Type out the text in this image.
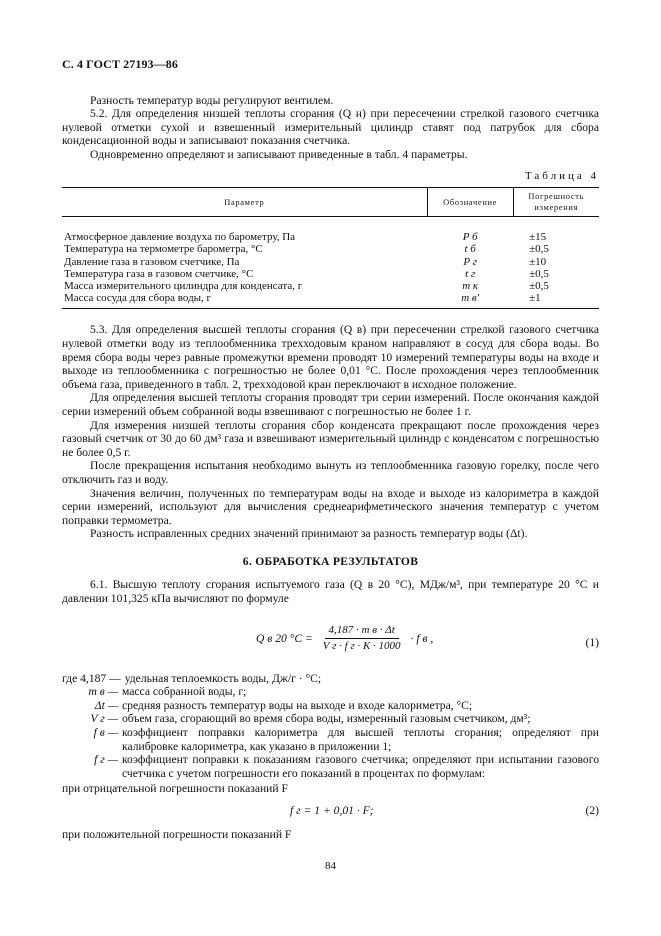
С. 4 ГОСТ 27193—86

Разность температур воды регулируют вентилем.

5.2. Для определения низшей теплоты сгорания (Q н) при пересечении стрелкой газового счетчика нулевой отметки сухой и взвешенный измерительный цилиндр ставят под патрубок для сбора конденсационной воды и записывают показания счетчика.

Одновременно определяют и записывают приведенные в табл. 4 параметры.

Таблица 4
Параметр	Обозначение	Погрешность измерения
Атмосферное давление воздуха по барометру, Па	P б	±15
Температура на термометре барометра, °С	t б	±0,5
Давление газа в газовом счетчике, Па	P г	±10
Температура газа в газовом счетчике, °С	t г	±0,5
Масса измерительного цилиндра для конденсата, г	m к	±0,5
Масса сосуда для сбора воды, г	m в'	±1

5.3. Для определения высшей теплоты сгорания (Q в) при пересечении стрелкой газового счетчика нулевой отметки воду из теплообменника трехходовым краном направляют в сосуд для сбора воды. Во время сбора воды через равные промежутки времени проводят 10 измерений температуры воды на входе и выходе из теплообменника с погрешностью не более 0,01 °С. После прохождения через теплообменник объема газа, приведенного в табл. 2, трехходовой кран переключают в исходное положение.

Для определения высшей теплоты сгорания проводят три серии измерений. После окончания каждой серии измерений объем собранной воды взвешивают с погрешностью не более 1 г.

Для измерения низшей теплоты сгорания сбор конденсата прекращают после прохождения через газовый счетчик от 30 до 60 дм³ газа и взвешивают измерительный цилиндр с конденсатом с погрешностью не более 0,5 г.

После прекращения испытания необходимо вынуть из теплообменника газовую горелку, после чего отключить газ и воду.

Значения величин, полученных по температурам воды на входе и выходе из калориметра в каждой серии измерений, используют для вычисления среднеарифметического значения температур с учетом поправки термометра.

Разность исправленных средних значений принимают за разность температур воды (Δt).

6. ОБРАБОТКА РЕЗУЛЬТАТОВ

6.1. Высшую теплоту сгорания испытуемого газа (Q в 20 °С), МДж/м³, при температуре 20 °С и давлении 101,325 кПа вычисляют по формуле

Q в 20 $^\circ С = \frac{\text{4,187 · m в · Δt}}{\text{V г · f г · K · 1000}} \cdot f$ в ,	(1)
где 4,187 — удельная теплоемкость воды, Дж/г · °С;
m в — масса собранной воды, г;
Δt — средняя разность температур воды на выходе и входе калориметра, °С;
V г — объем газа, сгорающий во время сбора воды, измеренный газовым счетчиком, дм³;
f в — коэффициент поправки калориметра для высшей теплоты сгорания; определяют при калибровке калориметра, как указано в приложении 1;
f г — коэффициент поправки к показаниям газового счетчика; определяют при испытании газового счетчика с учетом погрешности его показаний в процентах по формулам:

при отрицательной погрешности показаний F

f г = 1 + 0,01 · F;	(2)

при положительной погрешности показаний F

84
